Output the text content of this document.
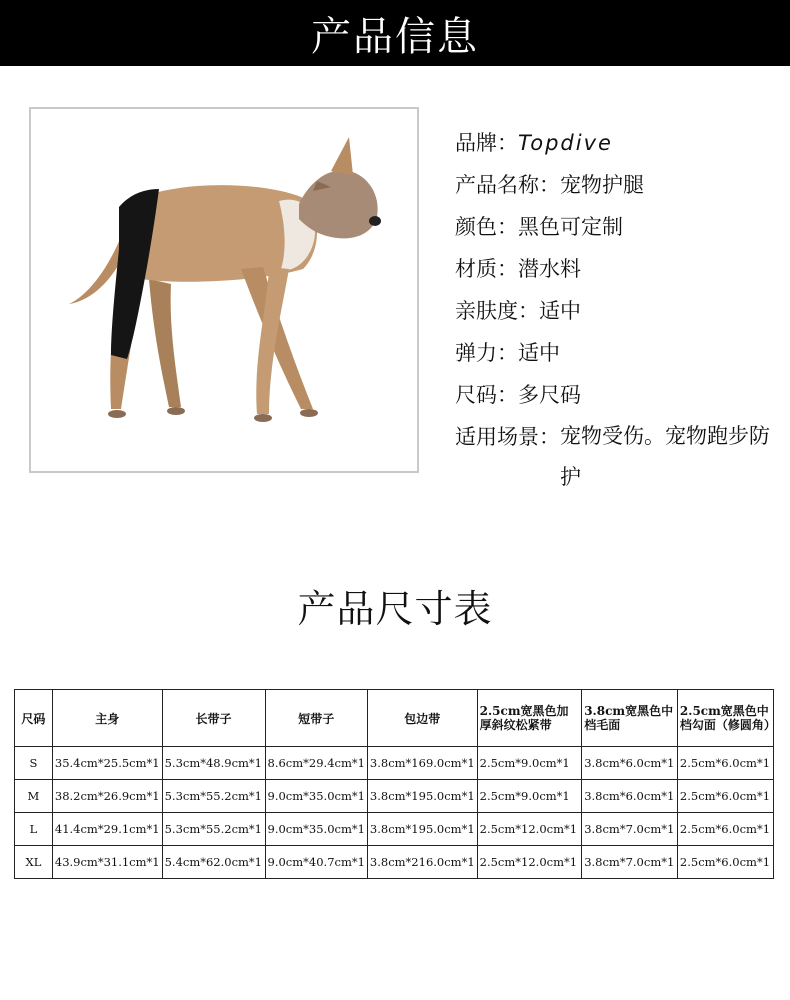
产品信息
品牌： Topdive
产品名称： 宠物护腿
颜色： 黑色可定制
材质： 潜水料
亲肤度： 适中
弹力： 适中
尺码： 多尺码
适用场景： 宠物受伤。宠物跑步防护
产品尺寸表
尺码	主身	长带子	短带子	包边带	2.5cm宽黑色加厚斜纹松紧带	3.8cm宽黑色中档毛面	2.5cm宽黑色中档勾面（修圆角）
S	35.4cm*25.5cm*1	5.3cm*48.9cm*1	8.6cm*29.4cm*1	3.8cm*169.0cm*1	2.5cm*9.0cm*1	3.8cm*6.0cm*1	2.5cm*6.0cm*1
M	38.2cm*26.9cm*1	5.3cm*55.2cm*1	9.0cm*35.0cm*1	3.8cm*195.0cm*1	2.5cm*9.0cm*1	3.8cm*6.0cm*1	2.5cm*6.0cm*1
L	41.4cm*29.1cm*1	5.3cm*55.2cm*1	9.0cm*35.0cm*1	3.8cm*195.0cm*1	2.5cm*12.0cm*1	3.8cm*7.0cm*1	2.5cm*6.0cm*1
XL	43.9cm*31.1cm*1	5.4cm*62.0cm*1	9.0cm*40.7cm*1	3.8cm*216.0cm*1	2.5cm*12.0cm*1	3.8cm*7.0cm*1	2.5cm*6.0cm*1
